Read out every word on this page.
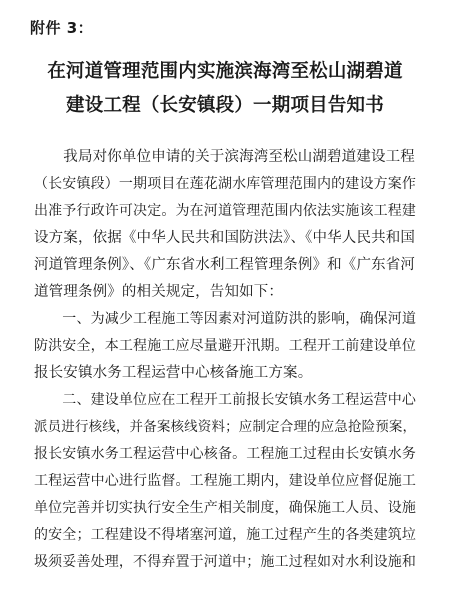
附件 3：
在河道管理范围内实施滨海湾至松山湖碧道
建设工程（长安镇段）一期项目告知书
　　我局对你单位申请的关于滨海湾至松山湖碧道建设工程
（长安镇段）一期项目在莲花湖水库管理范围内的建设方案作
出准予行政许可决定。为在河道管理范围内依法实施该工程建
设方案，依据《中华人民共和国防洪法》、《中华人民共和国
河道管理条例》、《广东省水利工程管理条例》和《广东省河
道管理条例》的相关规定，告知如下：
　　一、为减少工程施工等因素对河道防洪的影响，确保河道
防洪安全，本工程施工应尽量避开汛期。工程开工前建设单位
报长安镇水务工程运营中心核备施工方案。
　　二、建设单位应在工程开工前报长安镇水务工程运营中心
派员进行核线，并备案核线资料；应制定合理的应急抢险预案，
报长安镇水务工程运营中心核备。工程施工过程由长安镇水务
工程运营中心进行监督。工程施工期内，建设单位应督促施工
单位完善并切实执行安全生产相关制度，确保施工人员、设施
的安全；工程建设不得堵塞河道，施工过程产生的各类建筑垃
圾须妥善处理，不得弃置于河道中；施工过程如对水利设施和
